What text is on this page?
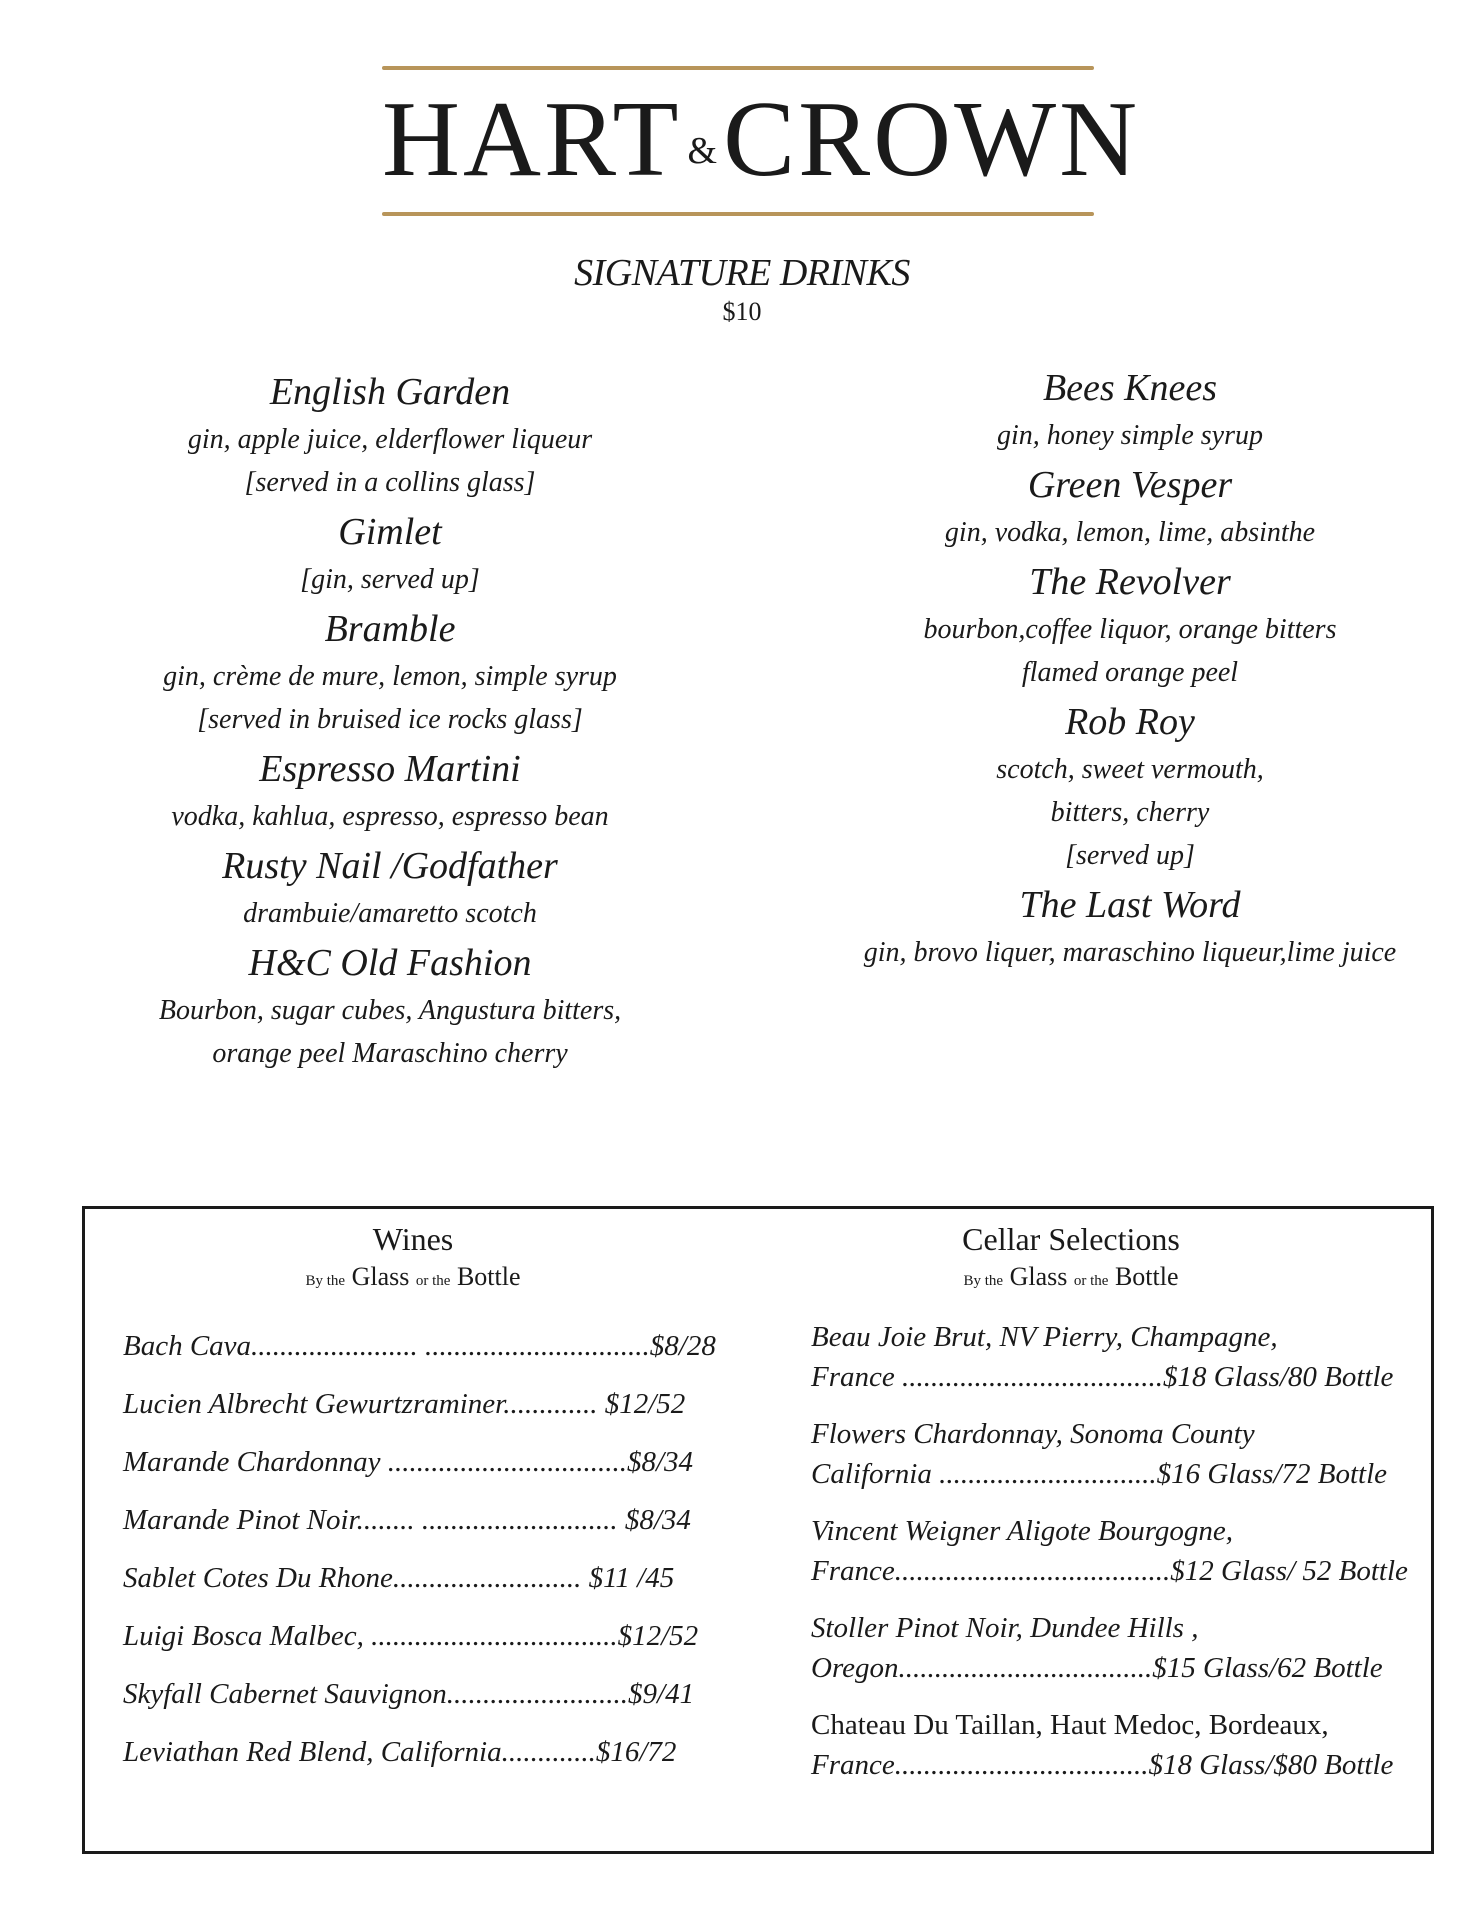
HART &CROWN
SIGNATURE DRINKS
$10
English Garden
gin, apple juice, elderflower liqueur
[served in a collins glass]
Gimlet
[gin, served up]
Bramble
gin, crème de mure, lemon, simple syrup
[served in bruised ice rocks glass]
Espresso Martini
vodka, kahlua, espresso, espresso bean
Rusty Nail /Godfather
drambuie/amaretto scotch
H&C Old Fashion
Bourbon, sugar cubes, Angustura bitters,
orange peel Maraschino cherry
Bees Knees
gin, honey simple syrup
Green Vesper
gin, vodka, lemon, lime, absinthe
The Revolver
bourbon,coffee liquor, orange bitters
flamed orange peel
Rob Roy
scotch, sweet vermouth,
bitters, cherry
[served up]
The Last Word
gin, brovo liquer, maraschino liqueur,lime juice
Wines
By the Glass or the Bottle
Bach Cava....................... ...............................$8/28
Lucien Albrecht Gewurtzraminer............. $12/52
Marande Chardonnay .................................$8/34
Marande Pinot Noir........ ........................... $8/34
Sablet Cotes Du Rhone.......................... $11 /45
Luigi Bosca Malbec, ..................................$12/52
Skyfall Cabernet Sauvignon.........................$9/41
Leviathan Red Blend, California.............$16/72
Cellar Selections
By the Glass or the Bottle
Beau Joie Brut, NV Pierry, Champagne,
France ....................................$18 Glass/80 Bottle
Flowers Chardonnay, Sonoma County
California ..............................$16 Glass/72 Bottle
Vincent Weigner Aligote Bourgogne,
France......................................$12 Glass/ 52 Bottle
Stoller Pinot Noir, Dundee Hills ,
Oregon...................................$15 Glass/62 Bottle
Chateau Du Taillan, Haut Medoc, Bordeaux,
France...................................$18 Glass/$80 Bottle
